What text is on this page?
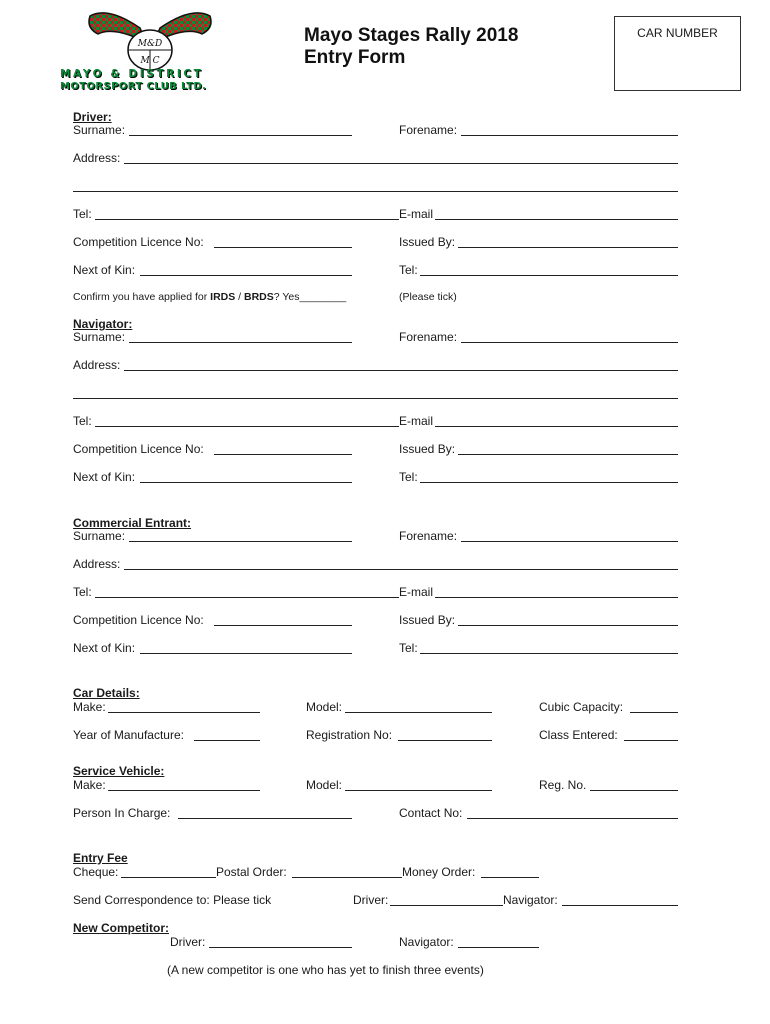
M&D
M C
MAYO & DISTRICT
MOTORSPORT CLUB LTD.
Mayo Stages Rally 2018
Entry Form
CAR NUMBER
Driver:
Surname:	Forename:
Address:
Tel:	E-mail
Competition Licence No:	Issued By:
Next of Kin:	Tel:
Confirm you have applied for IRDS / BRDS? Yes________	(Please tick)
Navigator:
Surname:	Forename:
Address:
Tel:	E-mail
Competition Licence No:	Issued By:
Next of Kin:	Tel:
Commercial Entrant:
Surname:	Forename:
Address:
Tel:	E-mail
Competition Licence No:	Issued By:
Next of Kin:	Tel:
Car Details:
Make:	Model:	Cubic Capacity:
Year of Manufacture:	Registration No:	Class Entered:
Service Vehicle:
Make:	Model:	Reg. No.
Person In Charge:	Contact No:
Entry Fee
Cheque:	Postal Order:	Money Order:
Send Correspondence to: Please tick	Driver:	Navigator:
New Competitor:
Driver:	Navigator:
(A new competitor is one who has yet to finish three events)
